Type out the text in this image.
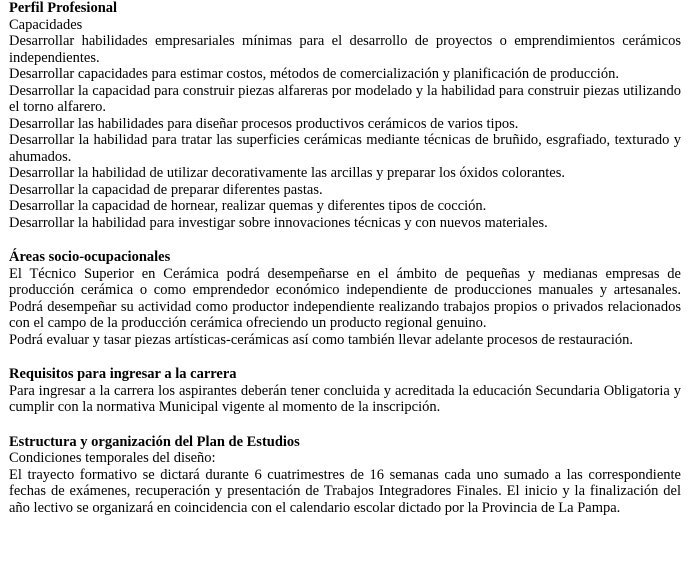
Perfil Profesional

Capacidades

Desarrollar habilidades empresariales mínimas para el desarrollo de proyectos o emprendimientos cerámicos independientes.

Desarrollar capacidades para estimar costos, métodos de comercialización y planificación de producción.

Desarrollar la capacidad para construir piezas alfareras por modelado y la habilidad para construir piezas utilizando el torno alfarero.

Desarrollar las habilidades para diseñar procesos productivos cerámicos de varios tipos.

Desarrollar la habilidad para tratar las superficies cerámicas mediante técnicas de bruñido, esgrafiado, texturado y ahumados.

Desarrollar la habilidad de utilizar decorativamente las arcillas y preparar los óxidos colorantes.

Desarrollar la capacidad de preparar diferentes pastas.

Desarrollar la capacidad de hornear, realizar quemas y diferentes tipos de cocción.

Desarrollar la habilidad para investigar sobre innovaciones técnicas y con nuevos materiales.

Áreas socio-ocupacionales

El Técnico Superior en Cerámica podrá desempeñarse en el ámbito de pequeñas y medianas empresas de producción cerámica o como emprendedor económico independiente de producciones manuales y artesanales. Podrá desempeñar su actividad como productor independiente realizando trabajos propios o privados relacionados con el campo de la producción cerámica ofreciendo un producto regional genuino.

Podrá evaluar y tasar piezas artísticas-cerámicas así como también llevar adelante procesos de restauración.

Requisitos para ingresar a la carrera

Para ingresar a la carrera los aspirantes deberán tener concluida y acreditada la educación Secundaria Obligatoria y cumplir con la normativa Municipal vigente al momento de la inscripción.

Estructura y organización del Plan de Estudios

Condiciones temporales del diseño:

El trayecto formativo se dictará durante 6 cuatrimestres de 16 semanas cada uno sumado a las correspondiente fechas de exámenes, recuperación y presentación de Trabajos Integradores Finales. El inicio y la finalización del año lectivo se organizará en coincidencia con el calendario escolar dictado por la Provincia de La Pampa.
